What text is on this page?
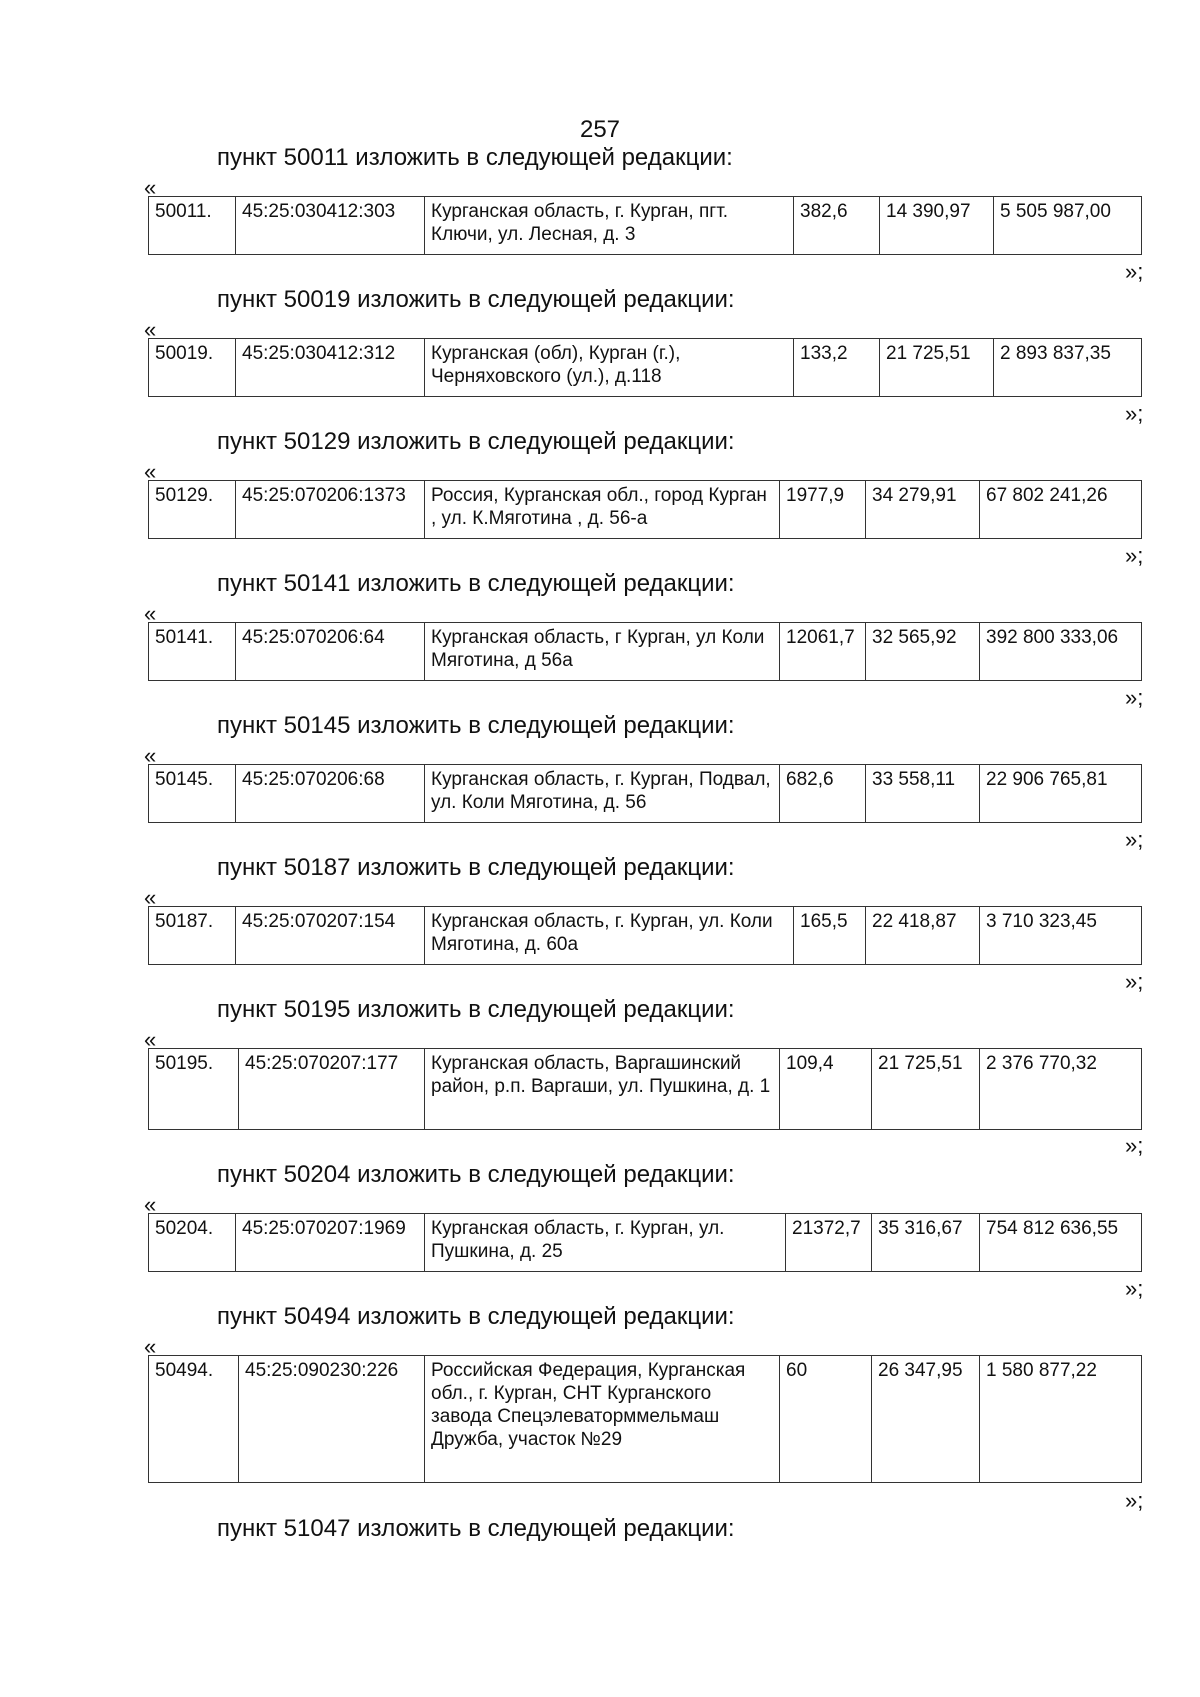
257
пункт 50011 изложить в следующей редакции:
«
50011.	45:25:030412:303	Курганская область, г. Курган, пгт. Ключи, ул. Лесная, д. 3	382,6	14 390,97	5 505 987,00
»;
пункт 50019 изложить в следующей редакции:
«
50019.	45:25:030412:312	Курганская (обл), Курган (г.), Черняховского (ул.), д.118	133,2	21 725,51	2 893 837,35
»;
пункт 50129 изложить в следующей редакции:
«
50129.	45:25:070206:1373	Россия, Курганская обл., город Курган , ул. К.Мяготина , д. 56-а	1977,9	34 279,91	67 802 241,26
»;
пункт 50141 изложить в следующей редакции:
«
50141.	45:25:070206:64	Курганская область, г Курган, ул Коли Мяготина, д 56а	12061,7	32 565,92	392 800 333,06
»;
пункт 50145 изложить в следующей редакции:
«
50145.	45:25:070206:68	Курганская область, г. Курган, Подвал, ул. Коли Мяготина, д. 56	682,6	33 558,11	22 906 765,81
»;
пункт 50187 изложить в следующей редакции:
«
50187.	45:25:070207:154	Курганская область, г. Курган, ул. Коли Мяготина, д. 60а	165,5	22 418,87	3 710 323,45
»;
пункт 50195 изложить в следующей редакции:
«
50195.	45:25:070207:177	Курганская область, Варгашинский район, р.п. Варгаши, ул. Пушкина, д. 1	109,4	21 725,51	2 376 770,32
»;
пункт 50204 изложить в следующей редакции:
«
50204.	45:25:070207:1969	Курганская область, г. Курган, ул. Пушкина, д. 25	21372,7	35 316,67	754 812 636,55
»;
пункт 50494 изложить в следующей редакции:
«
50494.	45:25:090230:226	Российская Федерация, Курганская обл., г. Курган, СНТ Курганского завода Спецэлеваторммельмаш Дружба, участок №29	60	26 347,95	1 580 877,22
»;
пункт 51047 изложить в следующей редакции:
